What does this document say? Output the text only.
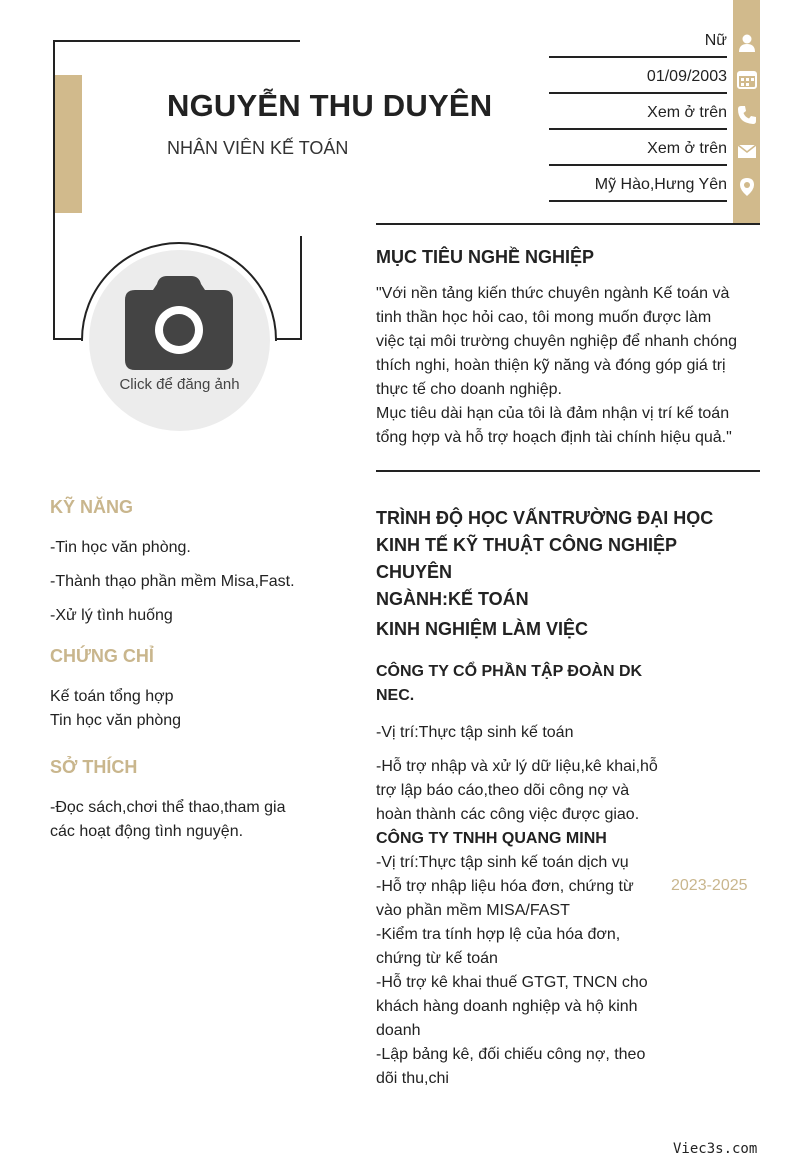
NGUYỄN THU DUYÊN
NHÂN VIÊN KẾ TOÁN
Click để đăng ảnh
Nữ
01/09/2003
Xem ở trên
Xem ở trên
Mỹ Hào,Hưng Yên
MỤC TIÊU NGHỀ NGHIỆP
"Với nền tảng kiến thức chuyên ngành Kế toán và
tinh thần học hỏi cao, tôi mong muốn được làm
việc tại môi trường chuyên nghiệp để nhanh chóng
thích nghi, hoàn thiện kỹ năng và đóng góp giá trị
thực tế cho doanh nghiệp.
Mục tiêu dài hạn của tôi là đảm nhận vị trí kế toán
tổng hợp và hỗ trợ hoạch định tài chính hiệu quả."
KỸ NĂNG
-Tin học văn phòng.
-Thành thạo phần mềm Misa,Fast.
-Xử lý tình huống
CHỨNG CHỈ
Kế toán tổng hợp
Tin học văn phòng
SỞ THÍCH
-Đọc sách,chơi thể thao,tham gia
các hoạt động tình nguyện.
TRÌNH ĐỘ HỌC VẤNTRƯỜNG ĐẠI HỌC
KINH TẾ KỸ THUẬT CÔNG NGHIỆP CHUYÊN
NGÀNH:KẾ TOÁN
KINH NGHIỆM LÀM VIỆC
CÔNG TY CỔ PHẦN TẬP ĐOÀN DK
NEC.
-Vị trí:Thực tập sinh kế toán
-Hỗ trợ nhập và xử lý dữ liệu,kê khai,hỗ
trợ lập báo cáo,theo dõi công nợ và
hoàn thành các công việc được giao.
CÔNG TY TNHH QUANG MINH
-Vị trí:Thực tập sinh kế toán dịch vụ
-Hỗ trợ nhập liệu hóa đơn, chứng từ
vào phần mềm MISA/FAST
-Kiểm tra tính hợp lệ của hóa đơn,
chứng từ kế toán
-Hỗ trợ kê khai thuế GTGT, TNCN cho
khách hàng doanh nghiệp và hộ kinh
doanh
-Lập bảng kê, đối chiếu công nợ, theo
dõi thu,chi
2023-2025
Viec3s.com
